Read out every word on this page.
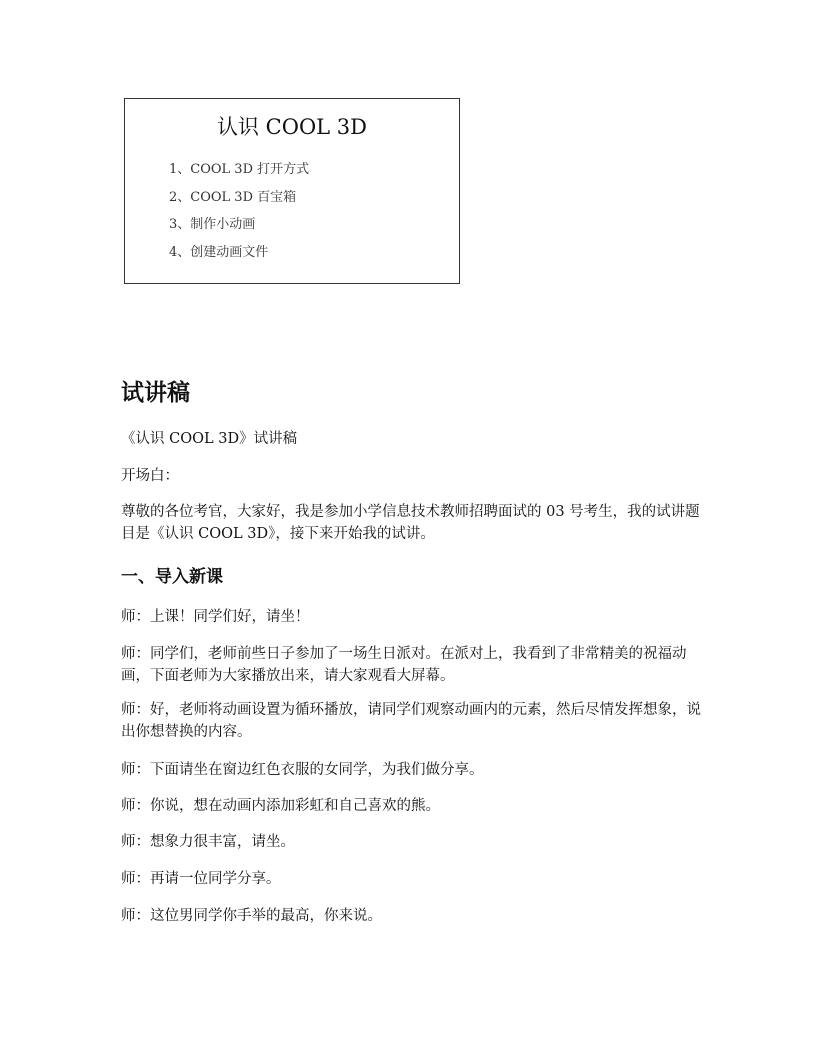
认识 COOL 3D
1、COOL 3D 打开方式
2、COOL 3D 百宝箱
3、制作小动画
4、创建动画文件
试讲稿

《认识 COOL 3D》试讲稿

开场白：

尊敬的各位考官，大家好，我是参加小学信息技术教师招聘面试的 03 号考生，我的试讲题目是《认识 COOL 3D》，接下来开始我的试讲。

一、导入新课

师：上课！同学们好，请坐！

师：同学们，老师前些日子参加了一场生日派对。在派对上，我看到了非常精美的祝福动画，下面老师为大家播放出来，请大家观看大屏幕。

师：好，老师将动画设置为循环播放，请同学们观察动画内的元素，然后尽情发挥想象，说出你想替换的内容。

师：下面请坐在窗边红色衣服的女同学，为我们做分享。

师：你说，想在动画内添加彩虹和自己喜欢的熊。

师：想象力很丰富，请坐。

师：再请一位同学分享。

师：这位男同学你手举的最高，你来说。
